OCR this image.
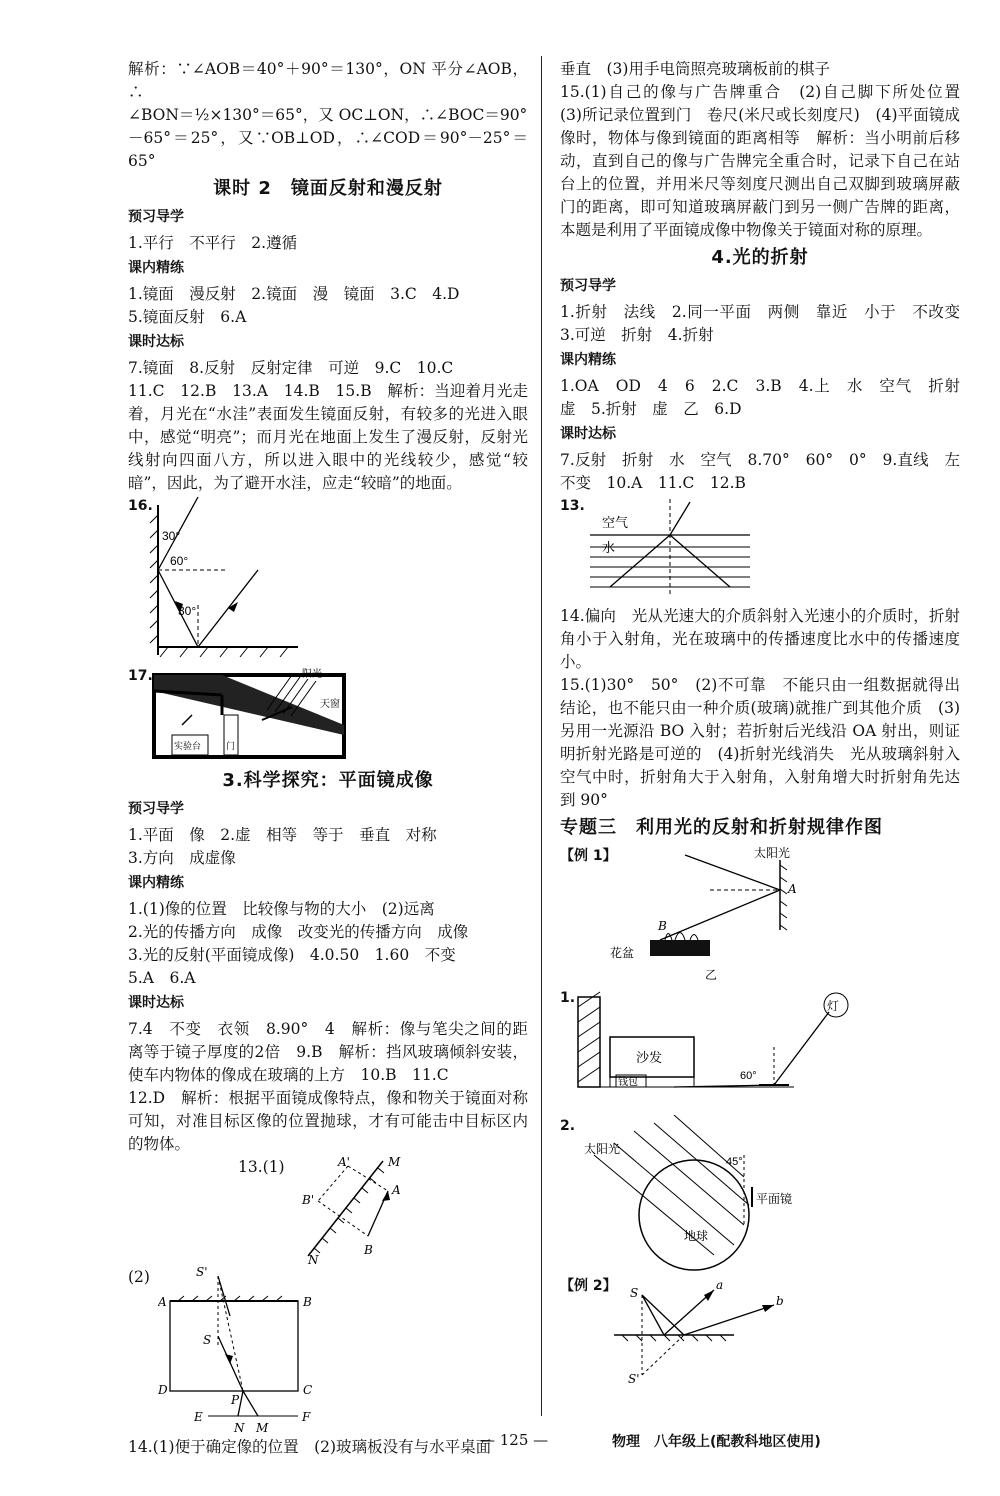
解析：∵∠AOB＝40°＋90°＝130°，ON 平分∠AOB，∴

∠BON＝½×130°＝65°，又 OC⊥ON，∴∠BOC＝90°

－65°＝25°，又∵OB⊥OD，∴∠COD＝90°－25°＝65°

课时 2　镜面反射和漫反射
预习导学

1.平行　不平行　2.遵循

课内精练

1.镜面　漫反射　2.镜面　漫　镜面　3.C　4.D

5.镜面反射　6.A

课时达标

7.镜面　8.反射　反射定律　可逆　9.C　10.C

11.C　12.B　13.A　14.B　15.B　解析：当迎着月光走着，月光在“水洼”表面发生镜面反射，有较多的光进入眼中，感觉“明亮”；而月光在地面上发生了漫反射，反射光线射向四面八方，所以进入眼中的光线较少，感觉“较暗”，因此，为了避开水洼，应走“较暗”的地面。

16.
30°
60°
30°
17.	阳光
天窗
实验台	门
3.科学探究：平面镜成像
预习导学

1.平面　像　2.虚　相等　等于　垂直　对称

3.方向　成虚像

课内精练

1.(1)像的位置　比较像与物的大小　(2)远离

2.光的传播方向　成像　改变光的传播方向　成像

3.光的反射(平面镜成像)　4.0.50　1.60　不变

5.A　6.A

课时达标

7.4　不变　衣领　8.90°　4　解析：像与笔尖之间的距离等于镜子厚度的2倍　9.B　解析：挡风玻璃倾斜安装，使车内物体的像成在玻璃的上方　10.B　11.C

12.D　解析：根据平面镜成像特点，像和物关于镜面对称可知，对准目标区像的位置抛球，才有可能击中目标区内的物体。

13.(1)	A'	M
B'
A
N
B
(2)	S'
A	B
S
D	C
P
E
N M
F

14.(1)便于确定像的位置　(2)玻璃板没有与水平桌面

垂直　(3)用手电筒照亮玻璃板前的棋子

15.(1)自己的像与广告牌重合　(2)自己脚下所处位置　(3)所记录位置到门　卷尺(米尺或长刻度尺)　(4)平面镜成像时，物体与像到镜面的距离相等　解析：当小明前后移动，直到自己的像与广告牌完全重合时，记录下自己在站台上的位置，并用米尺等刻度尺测出自己双脚到玻璃屏蔽门的距离，即可知道玻璃屏蔽门到另一侧广告牌的距离，本题是利用了平面镜成像中物像关于镜面对称的原理。

4.光的折射
预习导学

1.折射　法线　2.同一平面　两侧　靠近　小于　不改变　3.可逆　折射　4.折射

课内精练

1.OA　OD　4　6　2.C　3.B　4.上　水　空气　折射　虚　5.折射　虚　乙　6.D

课时达标

7.反射　折射　水　空气　8.70°　60°　0°　9.直线　左　不变　10.A　11.C　12.B

13.
空气
水

14.偏向　光从光速大的介质斜射入光速小的介质时，折射角小于入射角，光在玻璃中的传播速度比水中的传播速度小。

15.(1)30°　50°　(2)不可靠　不能只由一组数据就得出结论，也不能只由一种介质(玻璃)就推广到其他介质　(3)另用一光源沿 BO 入射；若折射后光线沿 OA 射出，则证明折射光路是可逆的　(4)折射光线消失　光从玻璃斜射入空气中时，折射角大于入射角，入射角增大时折射角先达到 90°

专题三　利用光的反射和折射规律作图
【例 1】	太阳光
A
B
花盆
乙
1.	灯
沙发
钱包
60°
2.
太阳光
45°
平面镜
地球
【例 2】 S
a
b
S'
— 125 —	物理　八年级上(配教科地区使用)
